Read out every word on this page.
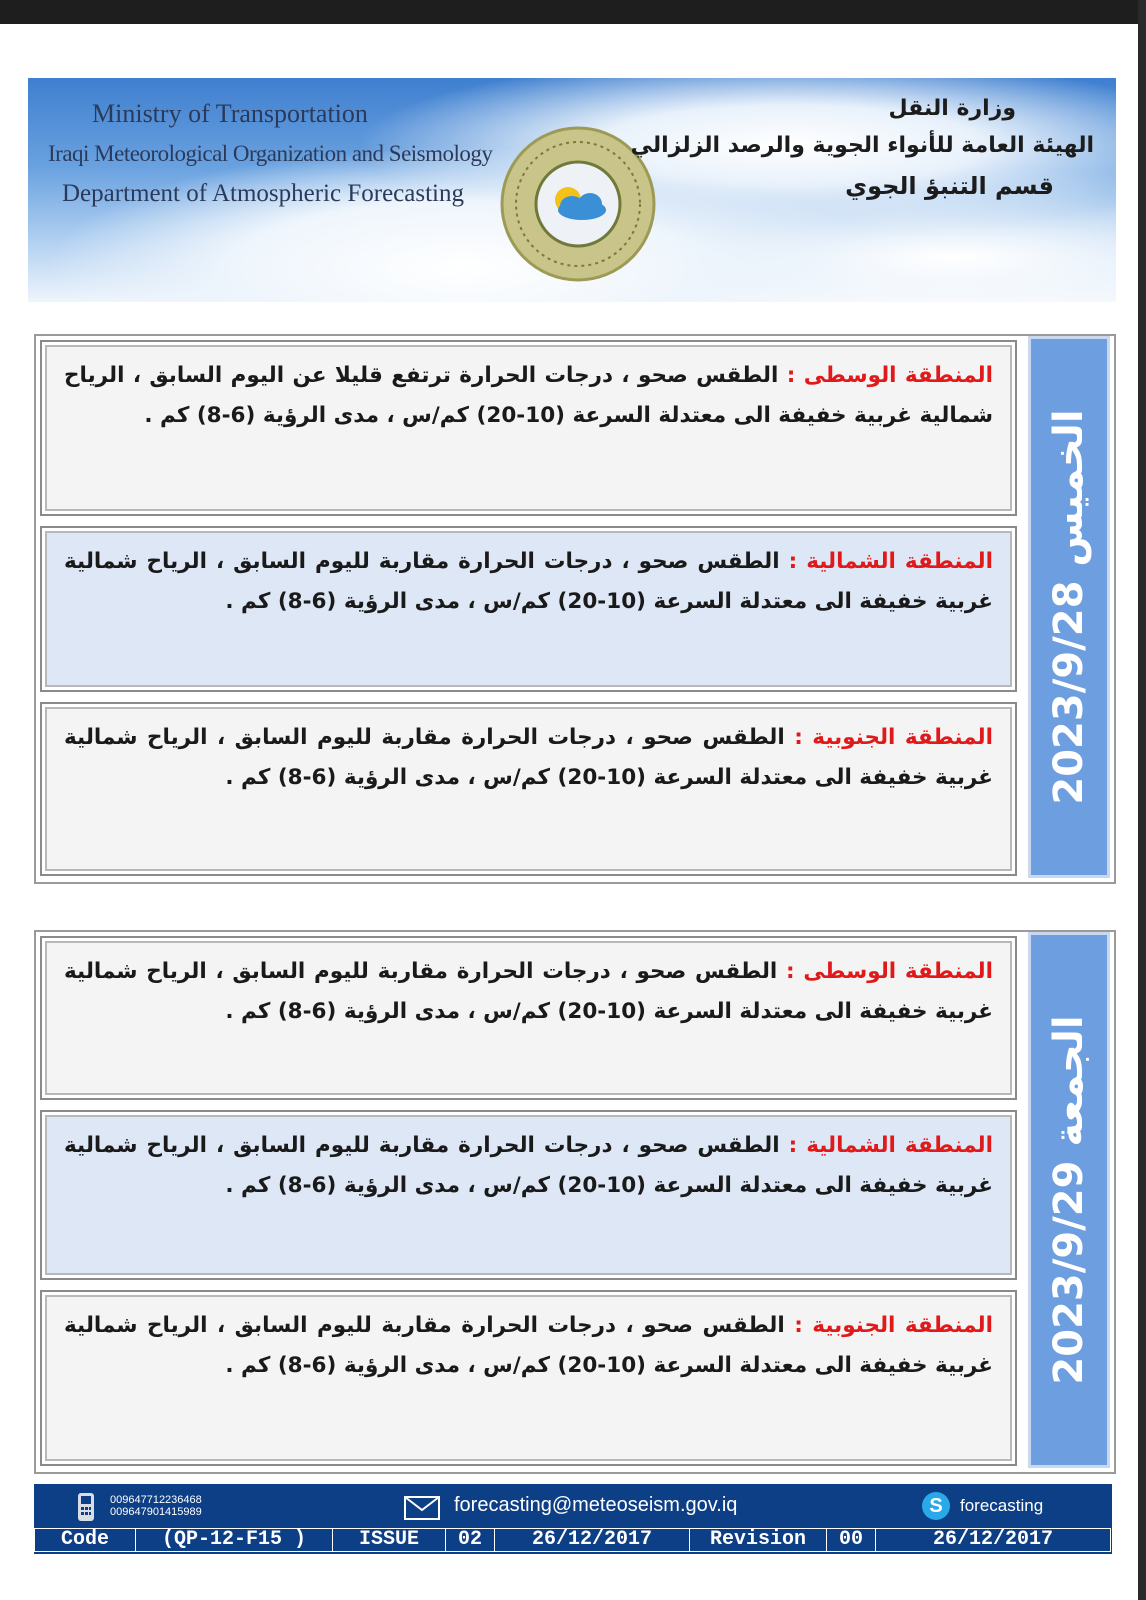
Ministry of Transportation
Iraqi Meteorological Organization and Seismology
Department of Atmospheric Forecasting
وزارة النقل
الهيئة العامة للأنواء الجوية والرصد الزلزالي
قسم التنبؤ الجوي

المنطقة الوسطى : الطقس صحو ، درجات الحرارة ترتفع قليلا عن اليوم السابق ، الرياح شمالية غربية خفيفة الى معتدلة السرعة (10-20) كم/س ، مدى الرؤية (6-8) كم .

المنطقة الشمالية : الطقس صحو ، درجات الحرارة مقاربة لليوم السابق ، الرياح شمالية غربية خفيفة الى معتدلة السرعة (10-20) كم/س ، مدى الرؤية (6-8) كم .

المنطقة الجنوبية : الطقس صحو ، درجات الحرارة مقاربة لليوم السابق ، الرياح شمالية غربية خفيفة الى معتدلة السرعة (10-20) كم/س ، مدى الرؤية (6-8) كم . الخميس 2023/9/28

المنطقة الوسطى : الطقس صحو ، درجات الحرارة مقاربة لليوم السابق ، الرياح شمالية غربية خفيفة الى معتدلة السرعة (10-20) كم/س ، مدى الرؤية (6-8) كم .

المنطقة الشمالية : الطقس صحو ، درجات الحرارة مقاربة لليوم السابق ، الرياح شمالية غربية خفيفة الى معتدلة السرعة (10-20) كم/س ، مدى الرؤية (6-8) كم .

المنطقة الجنوبية : الطقس صحو ، درجات الحرارة مقاربة لليوم السابق ، الرياح شمالية غربية خفيفة الى معتدلة السرعة (10-20) كم/س ، مدى الرؤية (6-8) كم . الجمعة 2023/9/29
009647712236468
009647901415989	forecasting@meteoseism.gov.iq	S	forecasting
Code	(QP-12-F15 )	ISSUE	02	26/12/2017	Revision	00	26/12/2017
